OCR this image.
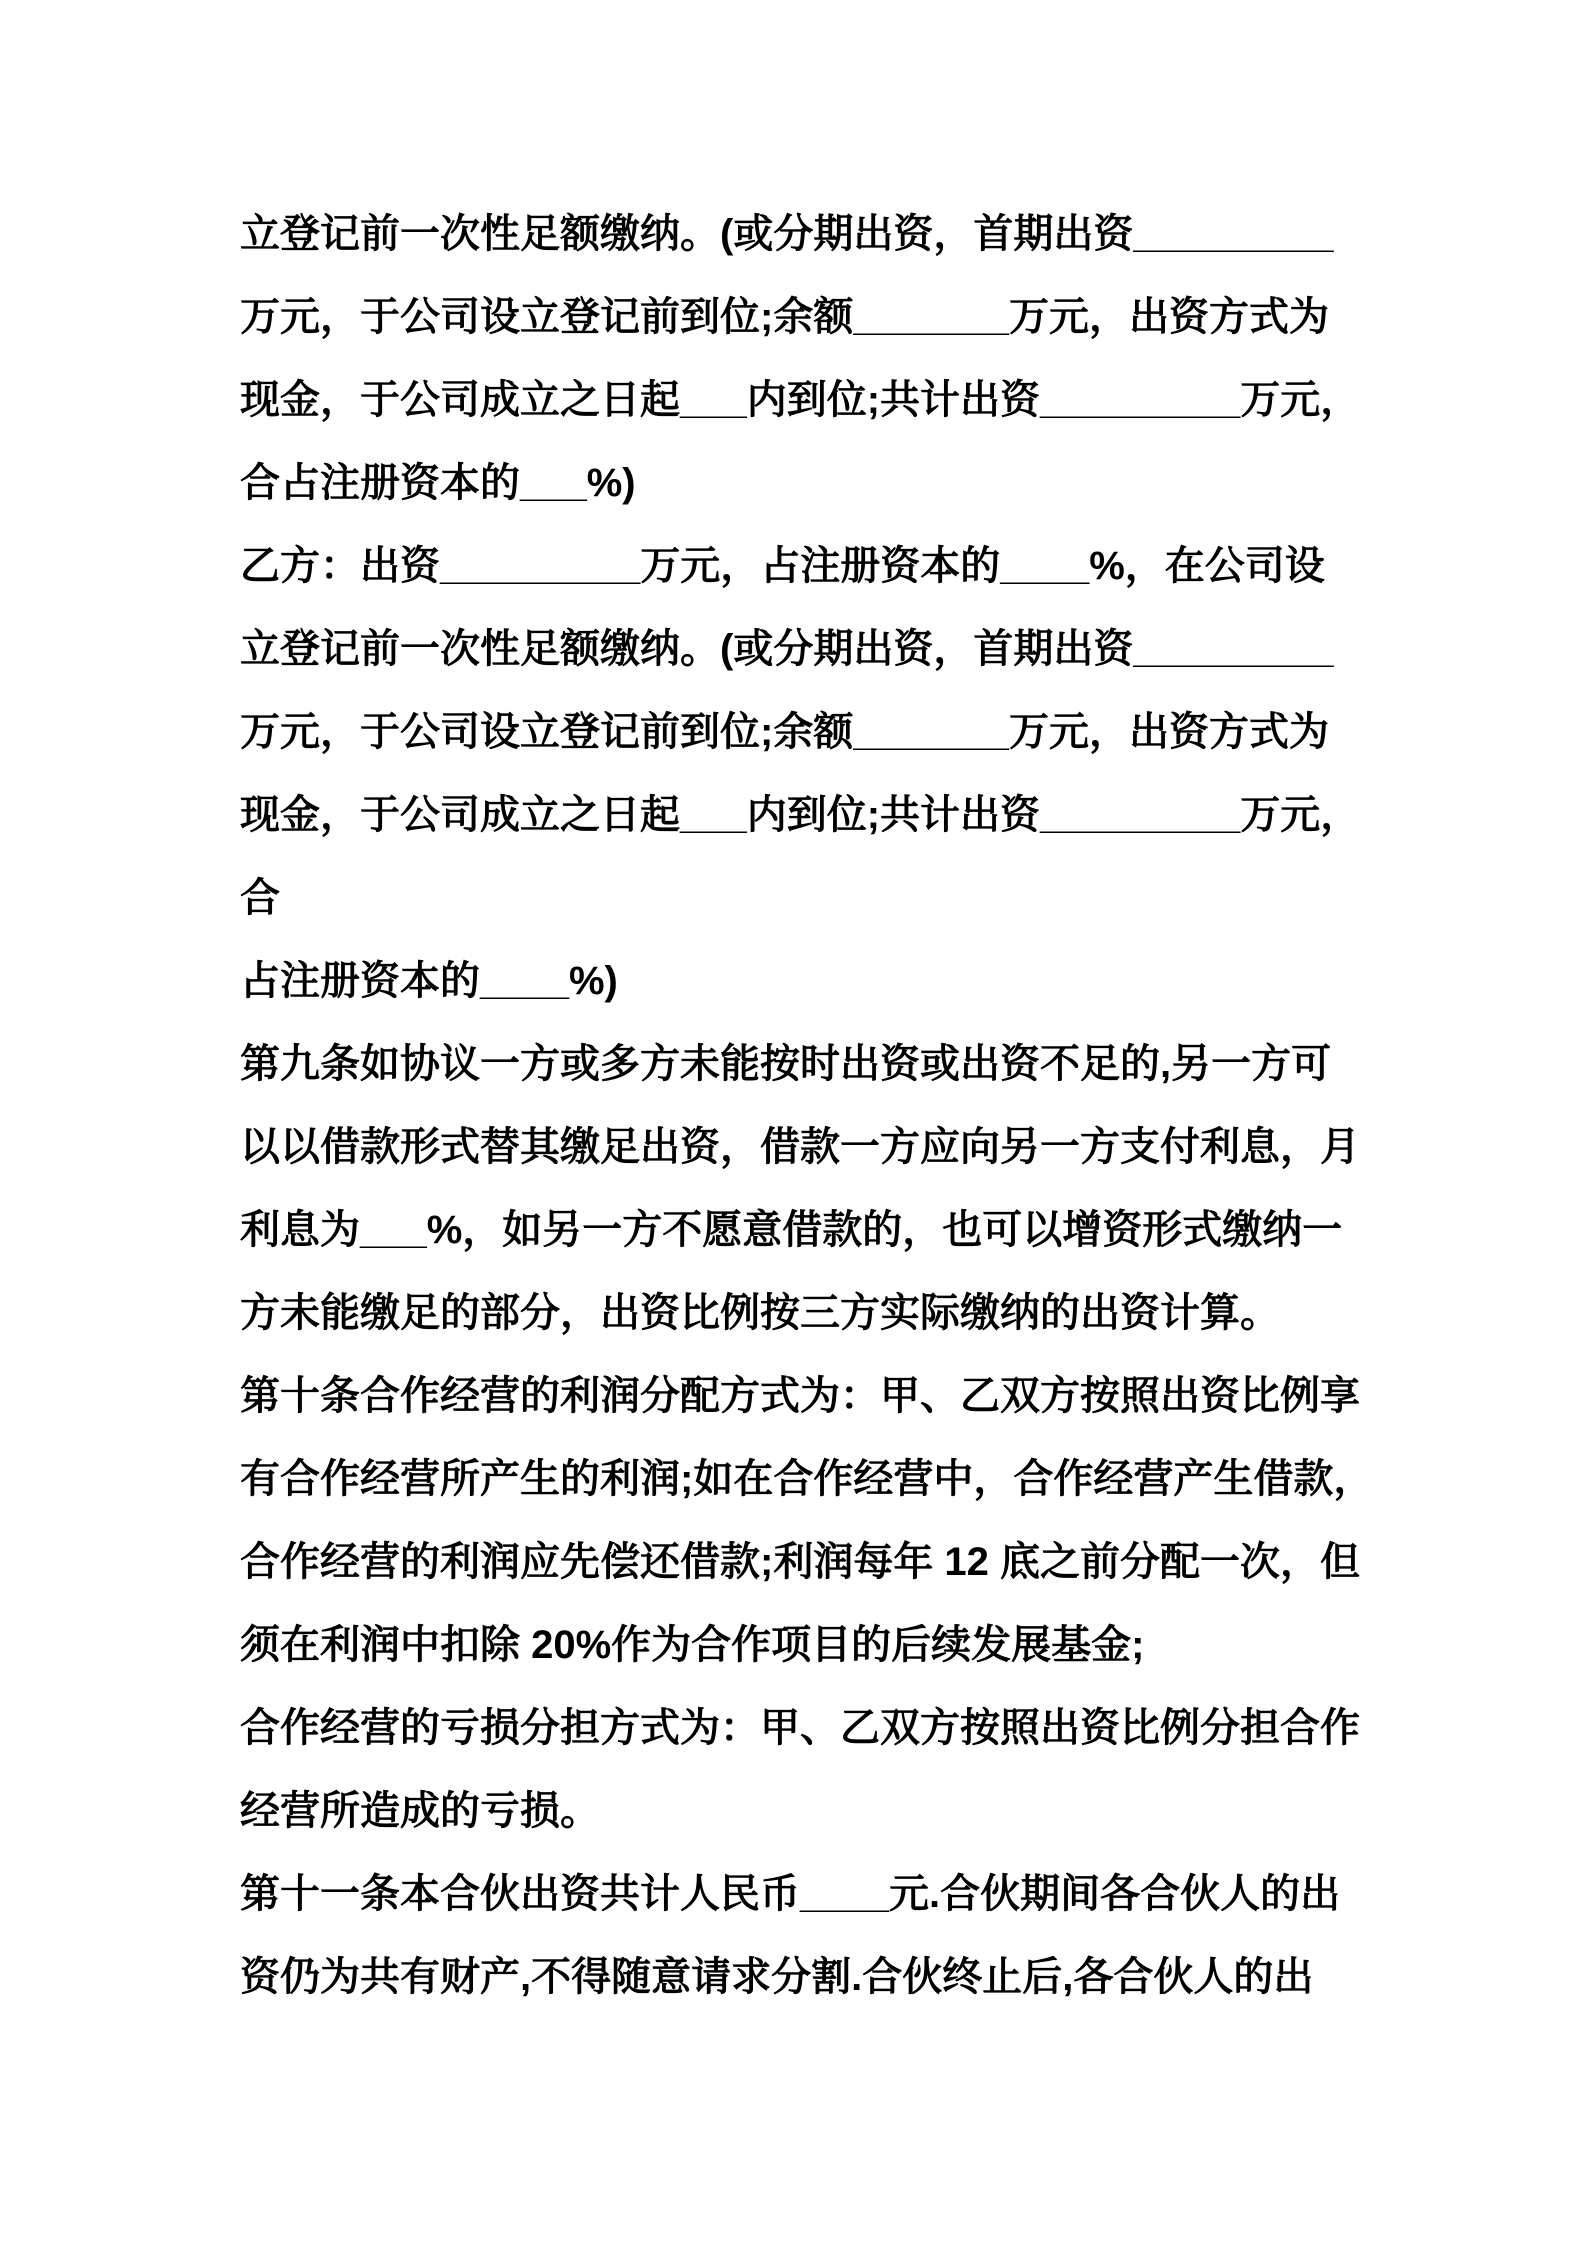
立登记前一次性足额缴纳。(或分期出资，首期出资_________
万元，于公司设立登记前到位;余额_______万元，出资方式为
现金，于公司成立之日起___内到位;共计出资_________万元，
合占注册资本的___%)
乙方：出资_________万元，占注册资本的____%，在公司设
立登记前一次性足额缴纳。(或分期出资，首期出资_________
万元，于公司设立登记前到位;余额_______万元，出资方式为
现金，于公司成立之日起___内到位;共计出资_________万元，
合
占注册资本的____%)
第九条如协议一方或多方未能按时出资或出资不足的,另一方可
以以借款形式替其缴足出资，借款一方应向另一方支付利息，月
利息为___%，如另一方不愿意借款的，也可以增资形式缴纳一
方未能缴足的部分，出资比例按三方实际缴纳的出资计算。
第十条合作经营的利润分配方式为：甲、乙双方按照出资比例享
有合作经营所产生的利润;如在合作经营中，合作经营产生借款，
合作经营的利润应先偿还借款;利润每年 12 底之前分配一次，但
须在利润中扣除 20%作为合作项目的后续发展基金;
合作经营的亏损分担方式为：甲、乙双方按照出资比例分担合作
经营所造成的亏损。
第十一条本合伙出资共计人民币____元.合伙期间各合伙人的出
资仍为共有财产,不得随意请求分割.合伙终止后,各合伙人的出
